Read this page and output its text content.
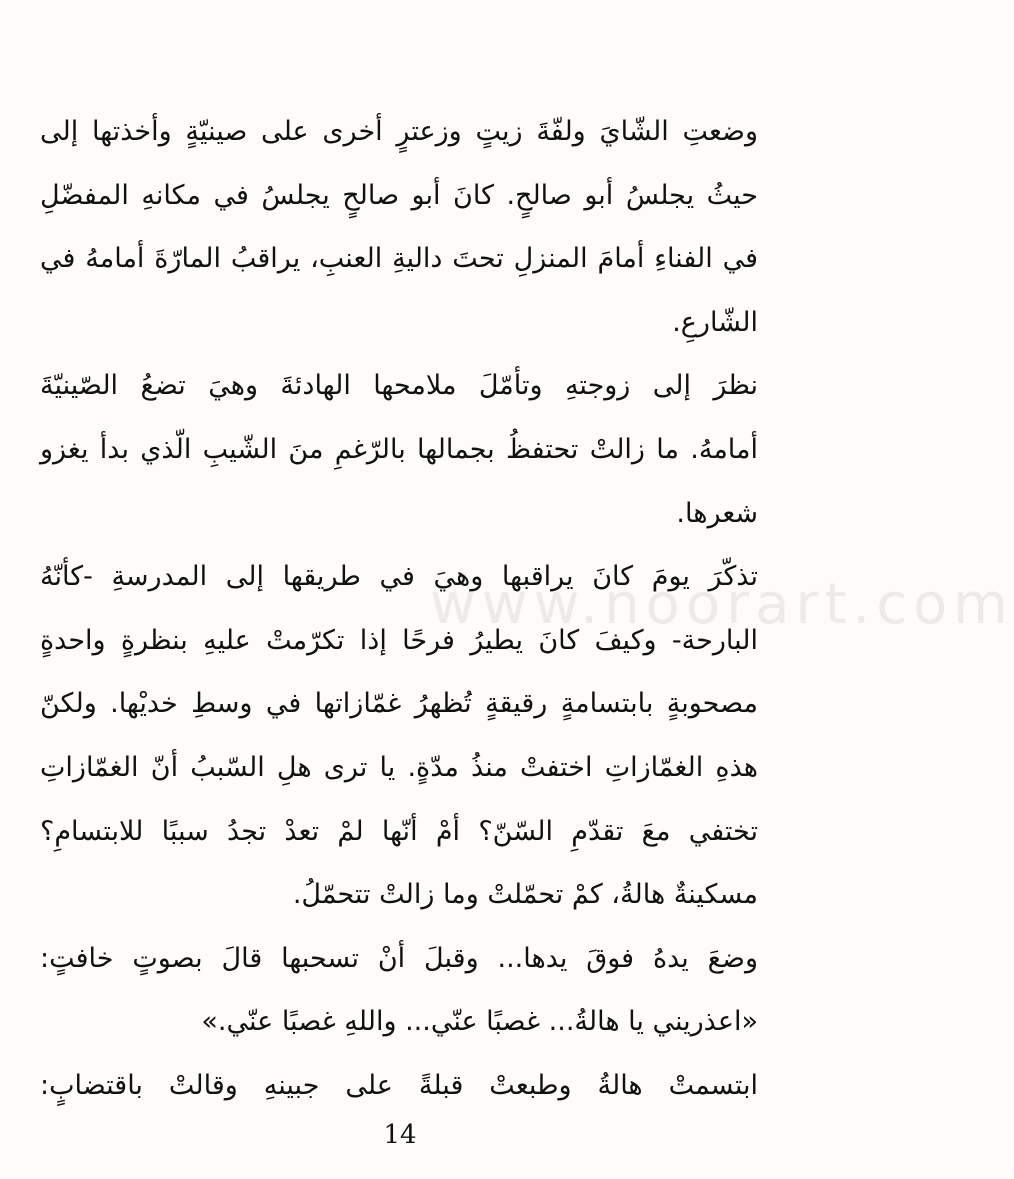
www.noorart.com
وضعتِ الشّايَ ولفّةَ زيتٍ وزعترٍ أخرى على صينيّةٍ وأخذتها إلى
حيثُ يجلسُ أبو صالحٍ. كانَ أبو صالحٍ يجلسُ في مكانهِ المفضّلِ
في الفناءِ أمامَ المنزلِ تحتَ داليةِ العنبِ، يراقبُ المارّةَ أمامهُ في
الشّارعِ.
نظرَ إلى زوجتهِ وتأمّلَ ملامحها الهادئةَ وهيَ تضعُ الصّينيّةَ
أمامهُ. ما زالتْ تحتفظُ بجمالها بالرّغمِ منَ الشّيبِ الّذي بدأ يغزو
شعرها.
تذكّرَ يومَ كانَ يراقبها وهيَ في طريقها إلى المدرسةِ -كأنّهُ
البارحة- وكيفَ كانَ يطيرُ فرحًا إذا تكرّمتْ عليهِ بنظرةٍ واحدةٍ
مصحوبةٍ بابتسامةٍ رقيقةٍ تُظهرُ غمّازاتها في وسطِ خديْها. ولكنّ
هذهِ الغمّازاتِ اختفتْ منذُ مدّةٍ. يا ترى هلِ السّببُ أنّ الغمّازاتِ
تختفي معَ تقدّمِ السّنّ؟ أمْ أنّها لمْ تعدْ تجدُ سببًا للابتسامِ؟
مسكينةٌ هالةُ، كمْ تحمّلتْ وما زالتْ تتحمّلُ.
وضعَ يدهُ فوقَ يدها... وقبلَ أنْ تسحبها قالَ بصوتٍ خافتٍ:
«اعذريني يا هالةُ... غصبًا عنّي... واللهِ غصبًا عنّي.»
ابتسمتْ هالةُ وطبعتْ قبلةً على جبينهِ وقالتْ باقتضابٍ:
14
